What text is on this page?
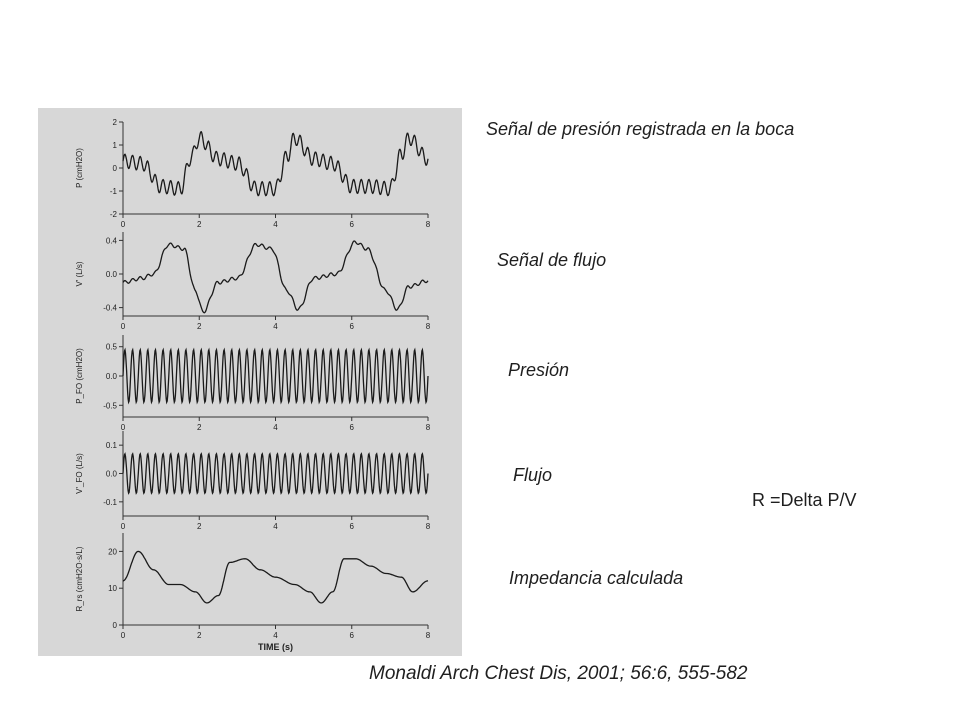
0	2	4	6	8
2
1
0
-1
-2
P (cmH2O)
0	2	4	6	8
0.4
0.0
-0.4
V' (L/s)
0	2	4	6	8
0.5
0.0
-0.5
P_FO (cmH2O)
0	2	4	6	8
0.1
0.0
-0.1
V'_FO (L/s)
0	2	4	6	8
20
10
0
R_rs (cmH2O·s/L)
TIME (s)
Señal de presión registrada en la boca
Señal de flujo
Presión
Flujo
R =Delta P/V
Impedancia calculada
Monaldi Arch Chest Dis, 2001; 56:6, 555-582
